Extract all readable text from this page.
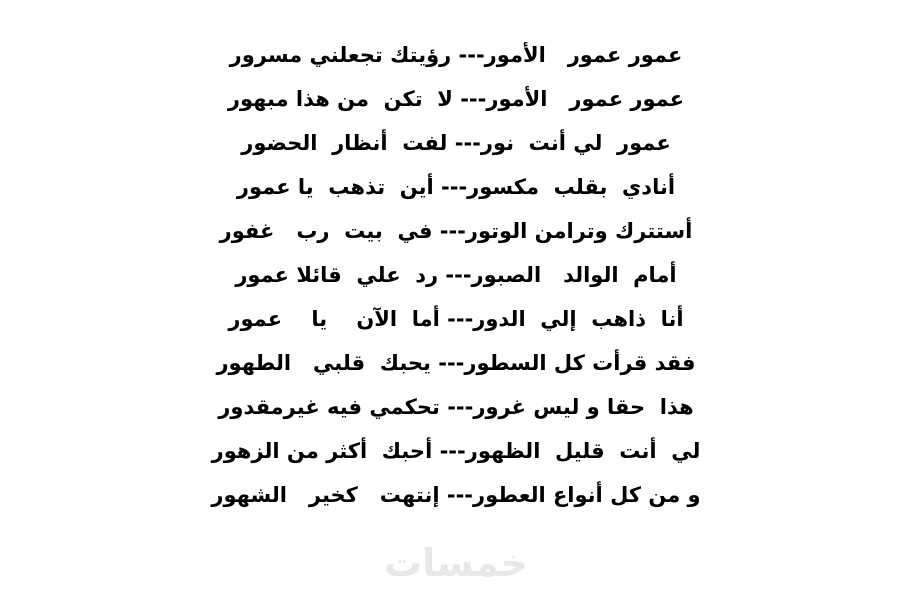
عمور عمور   الأمور--- رؤيتك تجعلني مسرور
عمور عمور   الأمور--- لا  تكن  من هذا مبهور
عمور  لي أنت  نور--- لفت  أنظار  الحضور
أنادي  بقلب  مكسور--- أين  تذهب  يا عمور
أستترك وترامن الوتور--- في  بيت  رب   غفور
أمام  الوالد   الصبور--- رد  علي  قائلا عمور
أنا  ذاهب  إلي  الدور--- أما  الآن    يا    عمور
فقد قرأت كل السطور--- يحبك  قلبي   الطهور
هذا  حقا و ليس غرور--- تحكمي فيه غيرمقدور
لي  أنت  قليل  الظهور--- أحبك  أكثر من الزهور
و من كل أنواع العطور--- إنتهت   كخير   الشهور
خمسات
